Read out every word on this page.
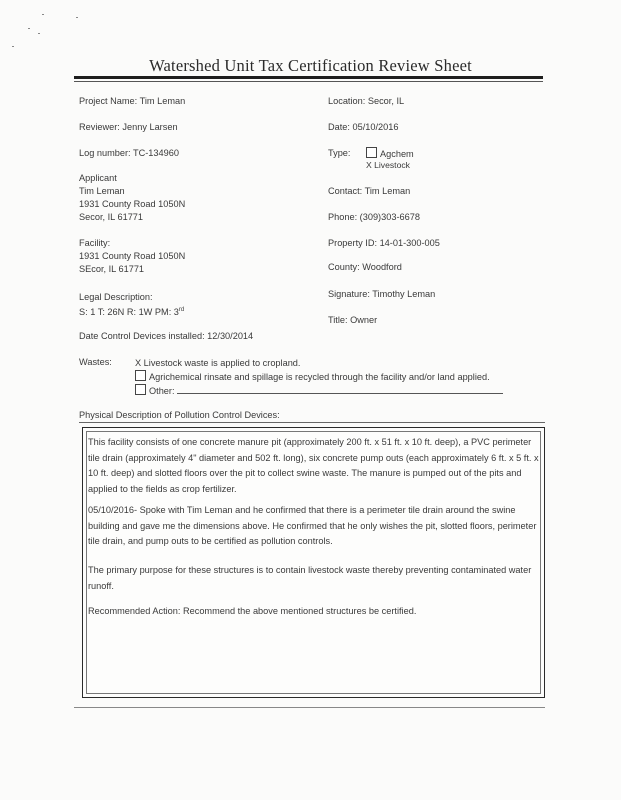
Watershed Unit Tax Certification Review Sheet
Project Name: Tim Leman
Reviewer: Jenny Larsen
Log number: TC-134960
Applicant
Tim Leman
1931 County Road 1050N
Secor, IL 61771
Facility:
1931 County Road 1050N
SEcor, IL 61771
Legal Description:
S: 1 T: 26N R: 1W PM: 3rd
Date Control Devices installed: 12/30/2014
Location: Secor, IL
Date: 05/10/2016
Type:	Agchem
X Livestock
Contact: Tim Leman
Phone: (309)303-6678
Property ID: 14-01-300-005
County: Woodford
Signature: Timothy Leman
Title: Owner
Wastes:	X Livestock waste is applied to cropland.
Agrichemical rinsate and spillage is recycled through the facility and/or land applied.
Other:
Physical Description of Pollution Control Devices:
This facility consists of one concrete manure pit (approximately 200 ft. x 51 ft. x 10 ft. deep), a PVC perimeter tile drain (approximately 4" diameter and 502 ft. long), six concrete pump outs (each approximately 6 ft. x 5 ft. x 10 ft. deep) and slotted floors over the pit to collect swine waste. The manure is pumped out of the pits and applied to the fields as crop fertilizer.
05/10/2016- Spoke with Tim Leman and he confirmed that there is a perimeter tile drain around the swine building and gave me the dimensions above. He confirmed that he only wishes the pit, slotted floors, perimeter tile drain, and pump outs to be certified as pollution controls.
The primary purpose for these structures is to contain livestock waste thereby preventing contaminated water runoff.
Recommended Action: Recommend the above mentioned structures be certified.
